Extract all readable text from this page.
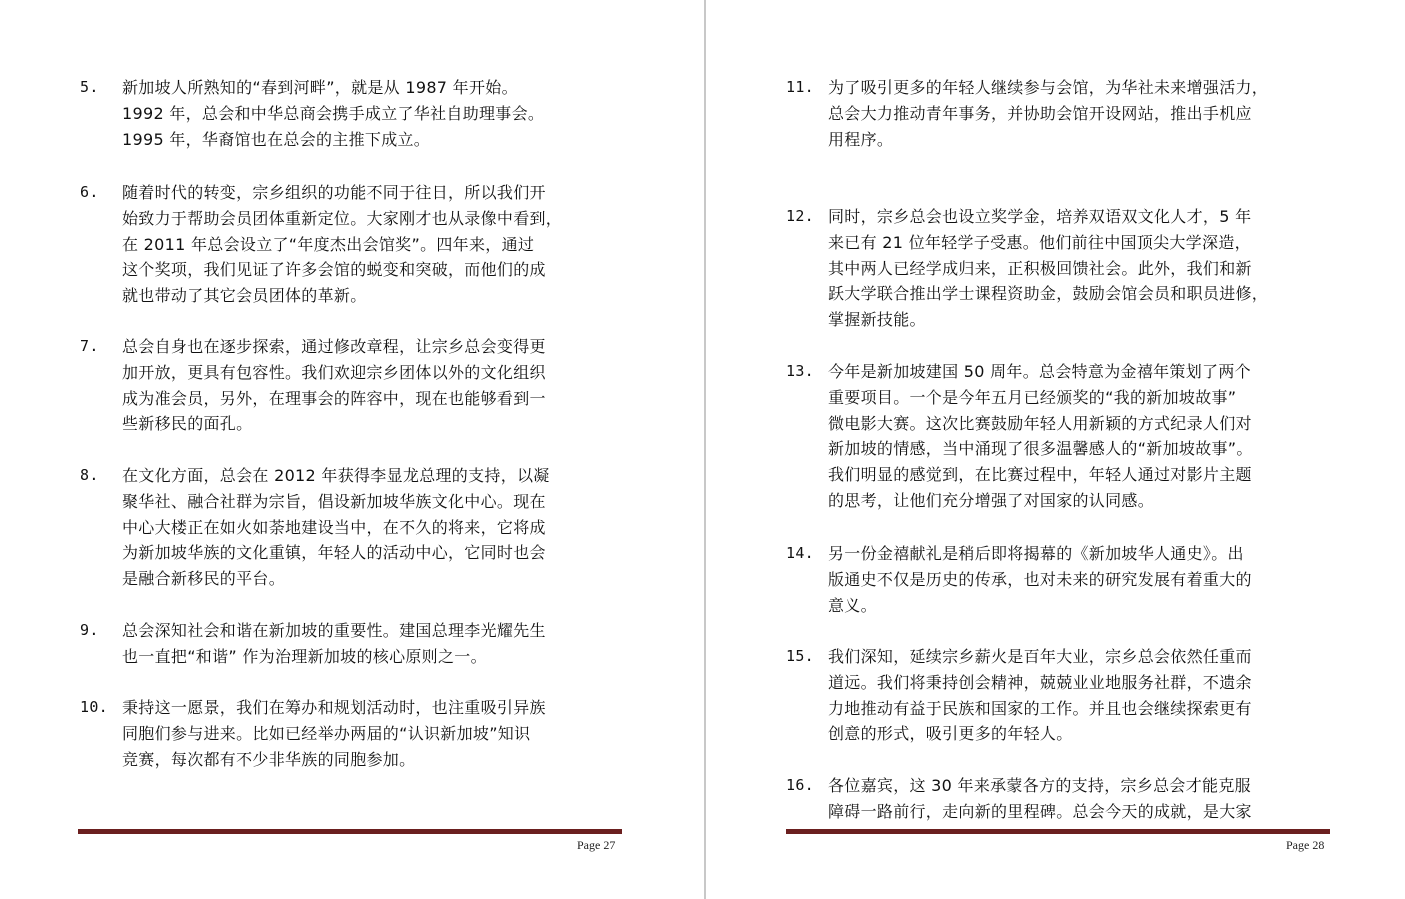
5.	新加坡人所熟知的“春到河畔”，就是从 1987 年开始。
1992 年，总会和中华总商会携手成立了华社自助理事会。
1995 年，华裔馆也在总会的主推下成立。
6.	随着时代的转变，宗乡组织的功能不同于往日，所以我们开
始致力于帮助会员团体重新定位。大家刚才也从录像中看到，
在 2011 年总会设立了“年度杰出会馆奖”。四年来，通过
这个奖项，我们见证了许多会馆的蜕变和突破，而他们的成
就也带动了其它会员团体的革新。
7.	总会自身也在逐步探索，通过修改章程，让宗乡总会变得更
加开放，更具有包容性。我们欢迎宗乡团体以外的文化组织
成为准会员，另外，在理事会的阵容中，现在也能够看到一
些新移民的面孔。
8.	在文化方面，总会在 2012 年获得李显龙总理的支持，以凝
聚华社、融合社群为宗旨，倡设新加坡华族文化中心。现在
中心大楼正在如火如荼地建设当中，在不久的将来，它将成
为新加坡华族的文化重镇，年轻人的活动中心，它同时也会
是融合新移民的平台。
9.	总会深知社会和谐在新加坡的重要性。建国总理李光耀先生
也一直把“和谐” 作为治理新加坡的核心原则之一。
10. 秉持这一愿景，我们在筹办和规划活动时，也注重吸引异族
同胞们参与进来。比如已经举办两届的“认识新加坡”知识
竞赛，每次都有不少非华族的同胞参加。
Page 27
11. 为了吸引更多的年轻人继续参与会馆，为华社未来增强活力，
总会大力推动青年事务，并协助会馆开设网站，推出手机应
用程序。
12. 同时，宗乡总会也设立奖学金，培养双语双文化人才，5 年
来已有 21 位年轻学子受惠。他们前往中国顶尖大学深造，
其中两人已经学成归来，正积极回馈社会。此外，我们和新
跃大学联合推出学士课程资助金，鼓励会馆会员和职员进修，
掌握新技能。
13. 今年是新加坡建国 50 周年。总会特意为金禧年策划了两个
重要项目。一个是今年五月已经颁奖的“我的新加坡故事”
微电影大赛。这次比赛鼓励年轻人用新颖的方式纪录人们对
新加坡的情感，当中涌现了很多温馨感人的“新加坡故事”。
我们明显的感觉到，在比赛过程中，年轻人通过对影片主题
的思考，让他们充分增强了对国家的认同感。
14. 另一份金禧献礼是稍后即将揭幕的《新加坡华人通史》。出
版通史不仅是历史的传承，也对未来的研究发展有着重大的
意义。
15. 我们深知，延续宗乡薪火是百年大业，宗乡总会依然任重而
道远。我们将秉持创会精神，兢兢业业地服务社群，不遗余
力地推动有益于民族和国家的工作。并且也会继续探索更有
创意的形式，吸引更多的年轻人。
16. 各位嘉宾，这 30 年来承蒙各方的支持，宗乡总会才能克服
障碍一路前行，走向新的里程碑。总会今天的成就，是大家
Page 28
